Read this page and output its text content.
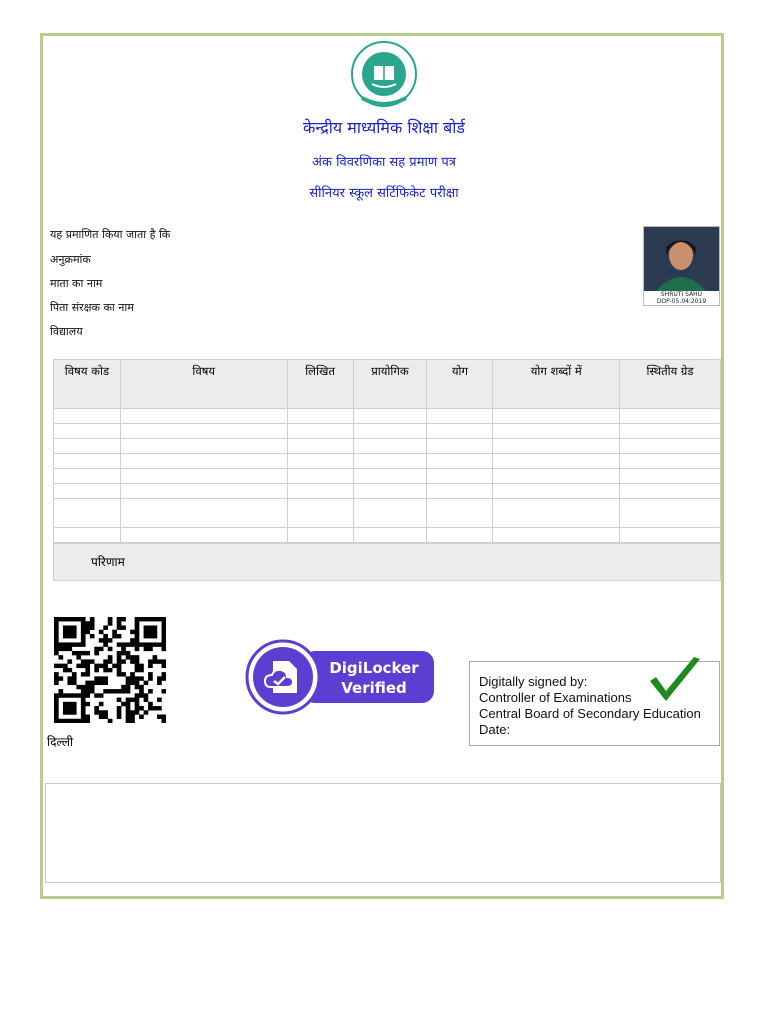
केन्द्रीय माध्यमिक शिक्षा बोर्ड
अंक विवरणिका सह प्रमाण पत्र
सीनियर स्कूल सर्टिफिकेट परीक्षा
यह प्रमाणित किया जाता है कि
अनुक्रमांक
माता का नाम
पिता संरक्षक का नाम
विद्यालय
SHRUTI SAHU
DOP-05.04.2019
विषय कोड	विषय	लिखित	प्रायोगिक	योग	योग शब्दों में	स्थितीय ग्रेड

परिणाम
दिल्ली
DigiLocker
Verified	Digitally signed by:
Controller of Examinations
Central Board of Secondary Education
Date:
